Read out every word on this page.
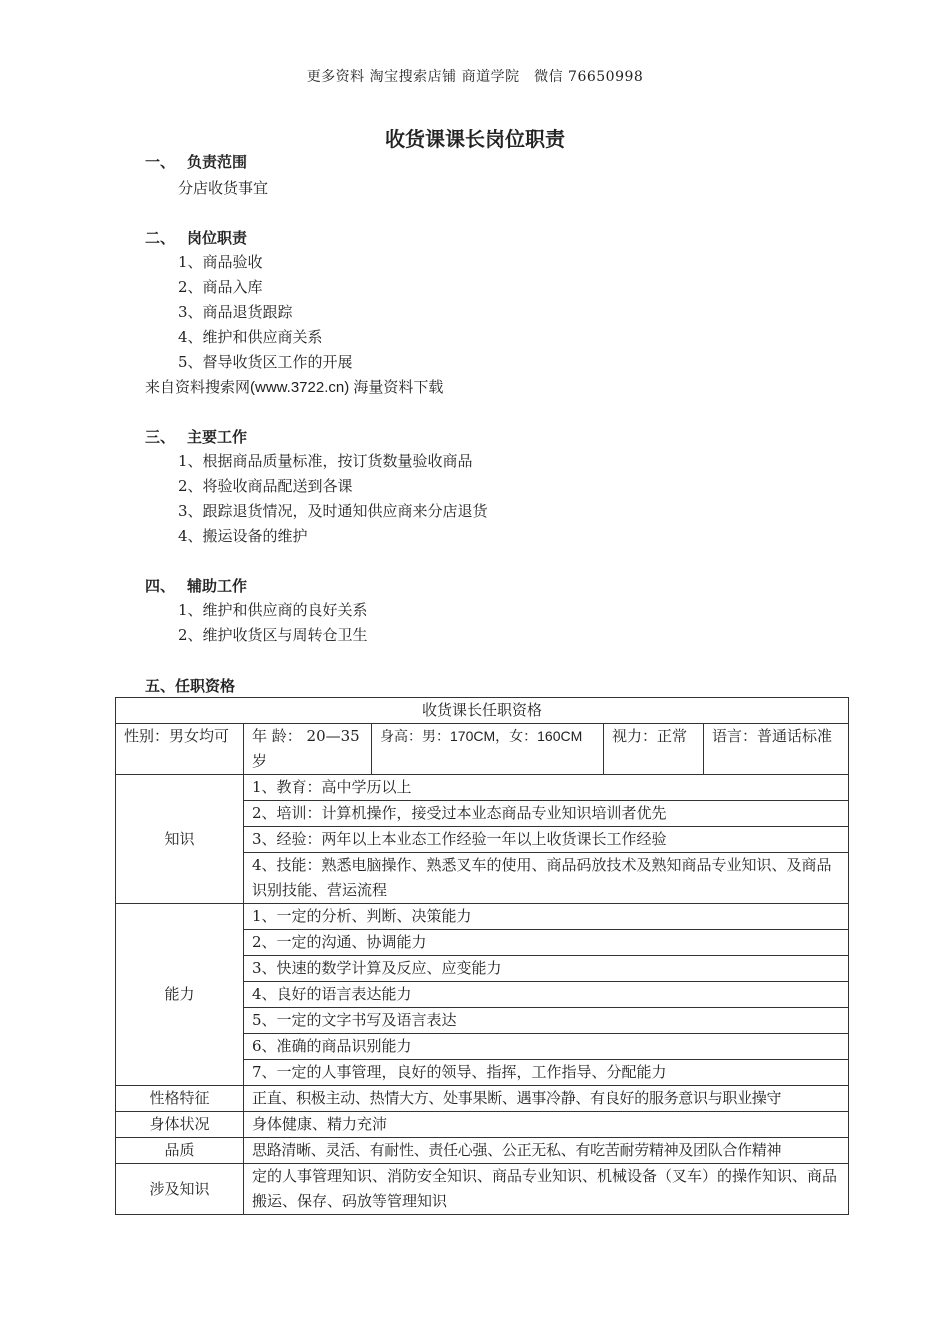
更多资料 淘宝搜索店铺 商道学院　微信 76650998
收货课课长岗位职责
一、 负责范围
分店收货事宜
二、 岗位职责
1、商品验收
2、商品入库
3、商品退货跟踪
4、维护和供应商关系
5、督导收货区工作的开展
来自资料搜索网(www.3722.cn) 海量资料下载
三、 主要工作
1、根据商品质量标准，按订货数量验收商品
2、将验收商品配送到各课
3、跟踪退货情况，及时通知供应商来分店退货
4、搬运设备的维护
四、 辅助工作
1、维护和供应商的良好关系
2、维护收货区与周转仓卫生
五、任职资格
收货课长任职资格				
性别：男女均可	年 龄： 20—35岁	身高：男：170CM，女：160CM	视力：正常	语言：普通话标准
知识	1、教育：高中学历以上			
	2、培训：计算机操作，接受过本业态商品专业知识培训者优先			
	3、经验：两年以上本业态工作经验一年以上收货课长工作经验			
	4、技能：熟悉电脑操作、熟悉叉车的使用、商品码放技术及熟知商品专业知识、及商品识别技能、营运流程			
能力	1、一定的分析、判断、决策能力			
	2、一定的沟通、协调能力			
	3、快速的数学计算及反应、应变能力			
	4、良好的语言表达能力			
	5、一定的文字书写及语言表达			
	6、准确的商品识别能力			
	7、一定的人事管理，良好的领导、指挥，工作指导、分配能力			
性格特征	正直、积极主动、热情大方、处事果断、遇事冷静、有良好的服务意识与职业操守			
身体状况	身体健康、精力充沛			
品质	思路清晰、灵活、有耐性、责任心强、公正无私、有吃苦耐劳精神及团队合作精神			
涉及知识	定的人事管理知识、消防安全知识、商品专业知识、机械设备（叉车）的操作知识、商品搬运、保存、码放等管理知识			
